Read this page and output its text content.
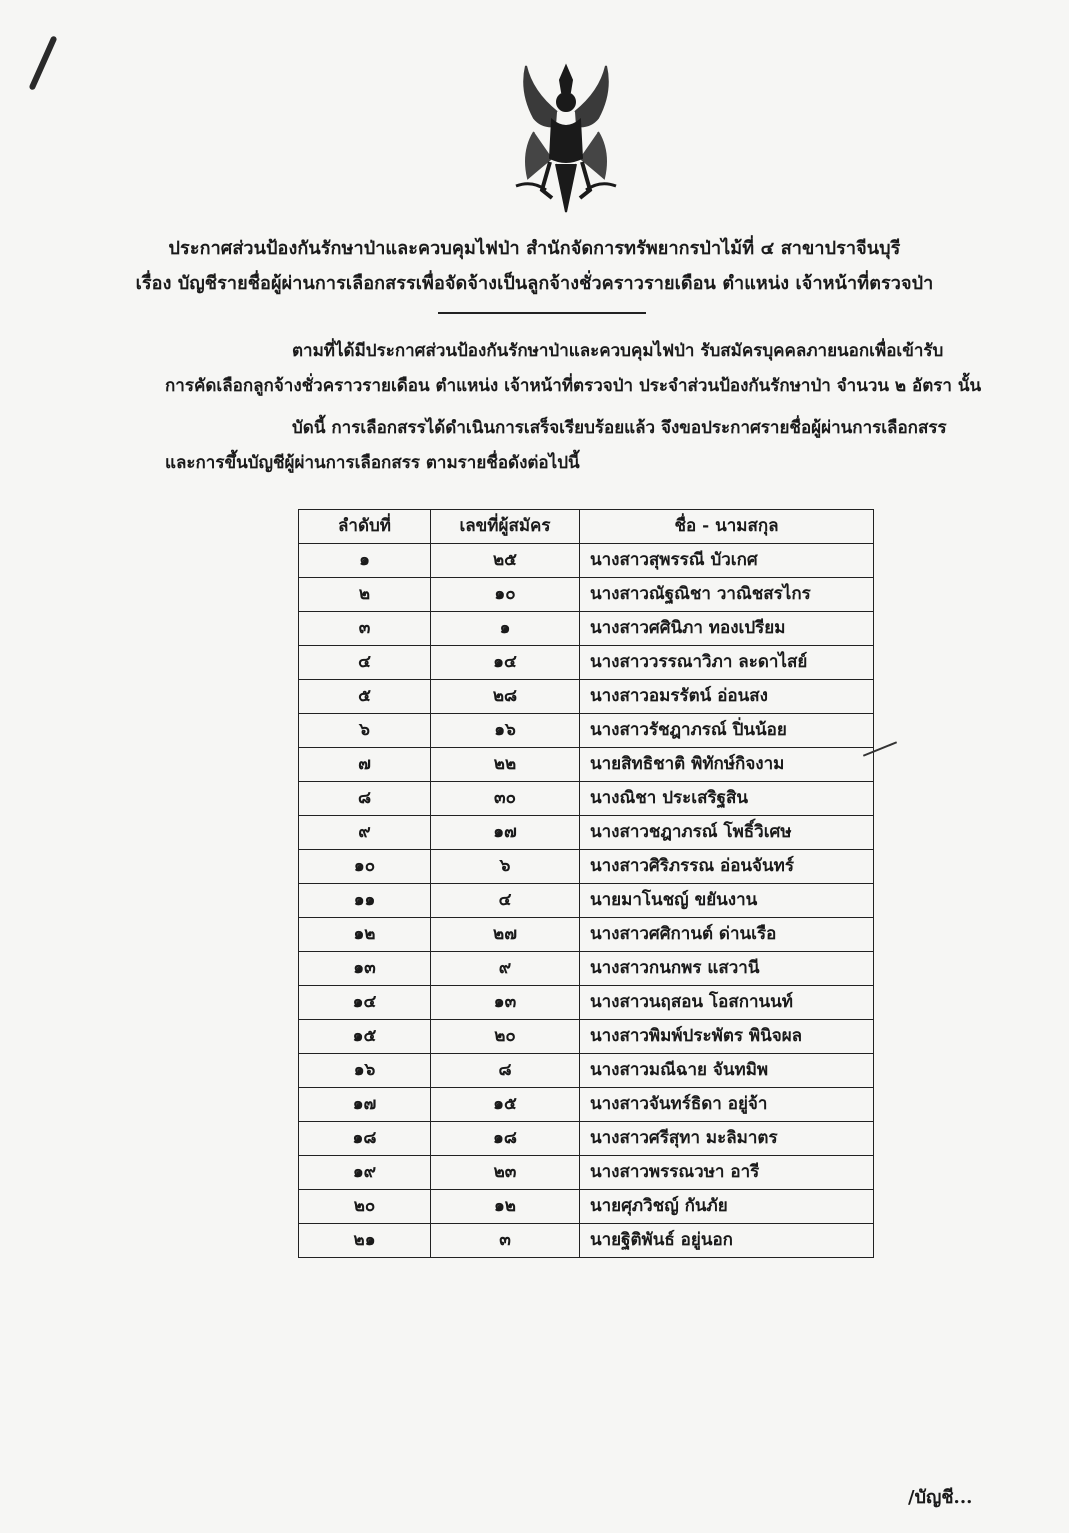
ประกาศส่วนป้องกันรักษาป่าและควบคุมไฟป่า สำนักจัดการทรัพยากรป่าไม้ที่ ๔ สาขาปราจีนบุรี
เรื่อง บัญชีรายชื่อผู้ผ่านการเลือกสรรเพื่อจัดจ้างเป็นลูกจ้างชั่วคราวรายเดือน ตำแหน่ง เจ้าหน้าที่ตรวจป่า
ตามที่ได้มีประกาศส่วนป้องกันรักษาป่าและควบคุมไฟป่า รับสมัครบุคคลภายนอกเพื่อเข้ารับ
การคัดเลือกลูกจ้างชั่วคราวรายเดือน ตำแหน่ง เจ้าหน้าที่ตรวจป่า ประจำส่วนป้องกันรักษาป่า จำนวน ๒ อัตรา นั้น
บัดนี้ การเลือกสรรได้ดำเนินการเสร็จเรียบร้อยแล้ว จึงขอประกาศรายชื่อผู้ผ่านการเลือกสรร
และการขึ้นบัญชีผู้ผ่านการเลือกสรร ตามรายชื่อดังต่อไปนี้
ลำดับที่	เลขที่ผู้สมัคร	ชื่อ - นามสกุล
๑	๒๕	นางสาวสุพรรณี บัวเกศ
๒	๑๐	นางสาวณัฐณิชา วาณิชสรไกร
๓	๑	นางสาวศศินิภา ทองเปรียม
๔	๑๔	นางสาววรรณาวิภา ละดาไสย์
๕	๒๘	นางสาวอมรรัตน์ อ่อนสง
๖	๑๖	นางสาวรัชฎาภรณ์ ปิ่นน้อย
๗	๒๒	นายสิทธิชาติ พิทักษ์กิจงาม
๘	๓๐	นางณิชา ประเสริฐสิน
๙	๑๗	นางสาวชฎาภรณ์ โพธิ์วิเศษ
๑๐	๖	นางสาวศิริภรรณ อ่อนจันทร์
๑๑	๔	นายมาโนชญ์ ขยันงาน
๑๒	๒๗	นางสาวศศิกานต์ ด่านเรือ
๑๓	๙	นางสาวกนกพร แสวานี
๑๔	๑๓	นางสาวนฤสอน โอสกานนท์
๑๕	๒๐	นางสาวพิมพ์ประพัตร พินิจผล
๑๖	๘	นางสาวมณีฉาย จันทมิพ
๑๗	๑๕	นางสาวจันทร์ธิดา อยู่จ้า
๑๘	๑๘	นางสาวศรีสุทา มะลิมาตร
๑๙	๒๓	นางสาวพรรณวษา อารี
๒๐	๑๒	นายศุภวิชญ์ กันภัย
๒๑	๓	นายฐิติพันธ์ อยู่นอก
/บัญชี...
